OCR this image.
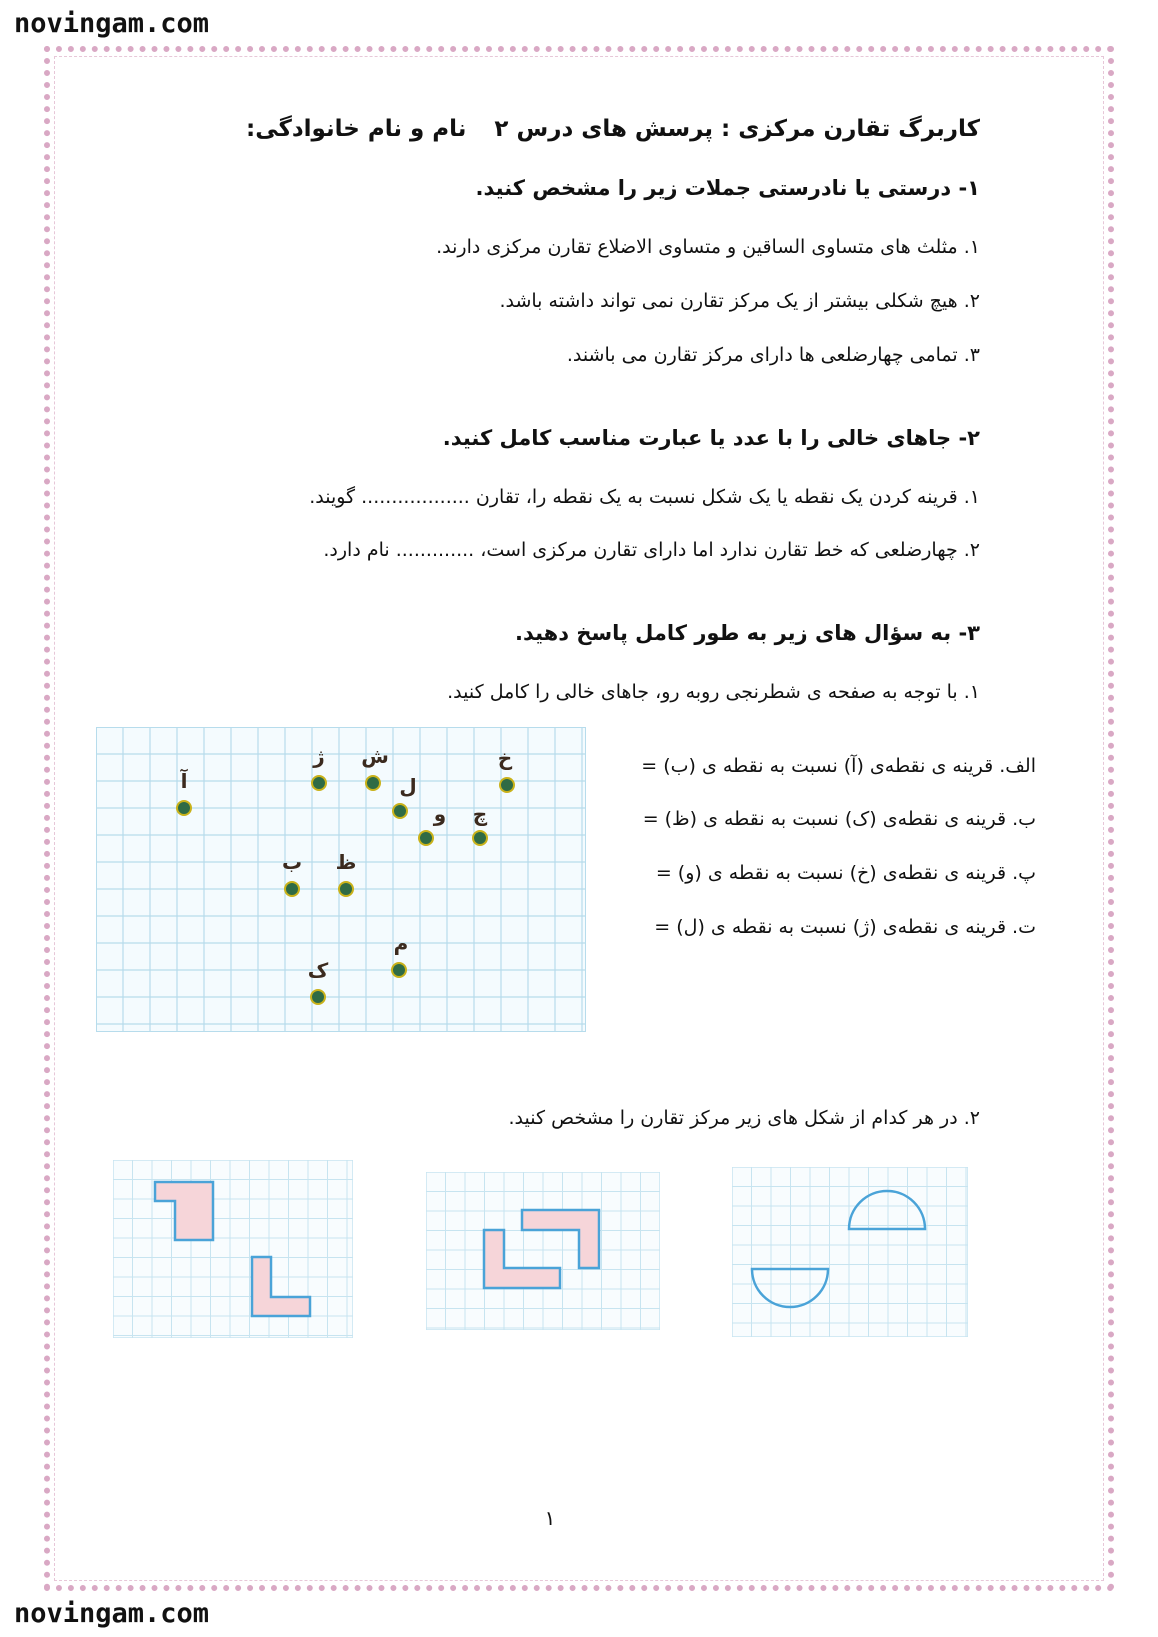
novingam.com
novingam.com
کاربرگ تقارن مرکزی : پرسش های درس ۲نام و نام خانوادگی:
۱- درستی یا نادرستی جملات زیر را مشخص کنید.
۱. مثلث های متساوی الساقین و متساوی الاضلاع تقارن مرکزی دارند.
۲. هیچ شکلی بیشتر از یک مرکز تقارن نمی تواند داشته باشد.
۳. تمامی چهارضلعی ها دارای مرکز تقارن می باشند.
۲- جاهای خالی را با عدد یا عبارت مناسب کامل کنید.
۱. قرینه کردن یک نقطه یا یک شکل نسبت به یک نقطه را، تقارن .................. گویند.
۲. چهارضلعی که خط تقارن ندارد اما دارای تقارن مرکزی است، ............. نام دارد.
۳- به سؤال های زیر به طور کامل پاسخ دهید.
۱. با توجه به صفحه ی شطرنجی روبه رو، جاهای خالی را کامل کنید.
الف. قرینه ی نقطه‌ی (آ) نسبت به نقطه ی (ب) =
ب. قرینه ی نقطه‌ی (ک) نسبت به نقطه ی (ظ) =
پ. قرینه ی نقطه‌ی (خ) نسبت به نقطه ی (و) =
ت. قرینه ی نقطه‌ی (ژ) نسبت به نقطه ی (ل) =
آ
ژ ش
ل
و چ
خ
ب ظ
م
ک
۲. در هر کدام از شکل های زیر مرکز تقارن را مشخص کنید.
۱
